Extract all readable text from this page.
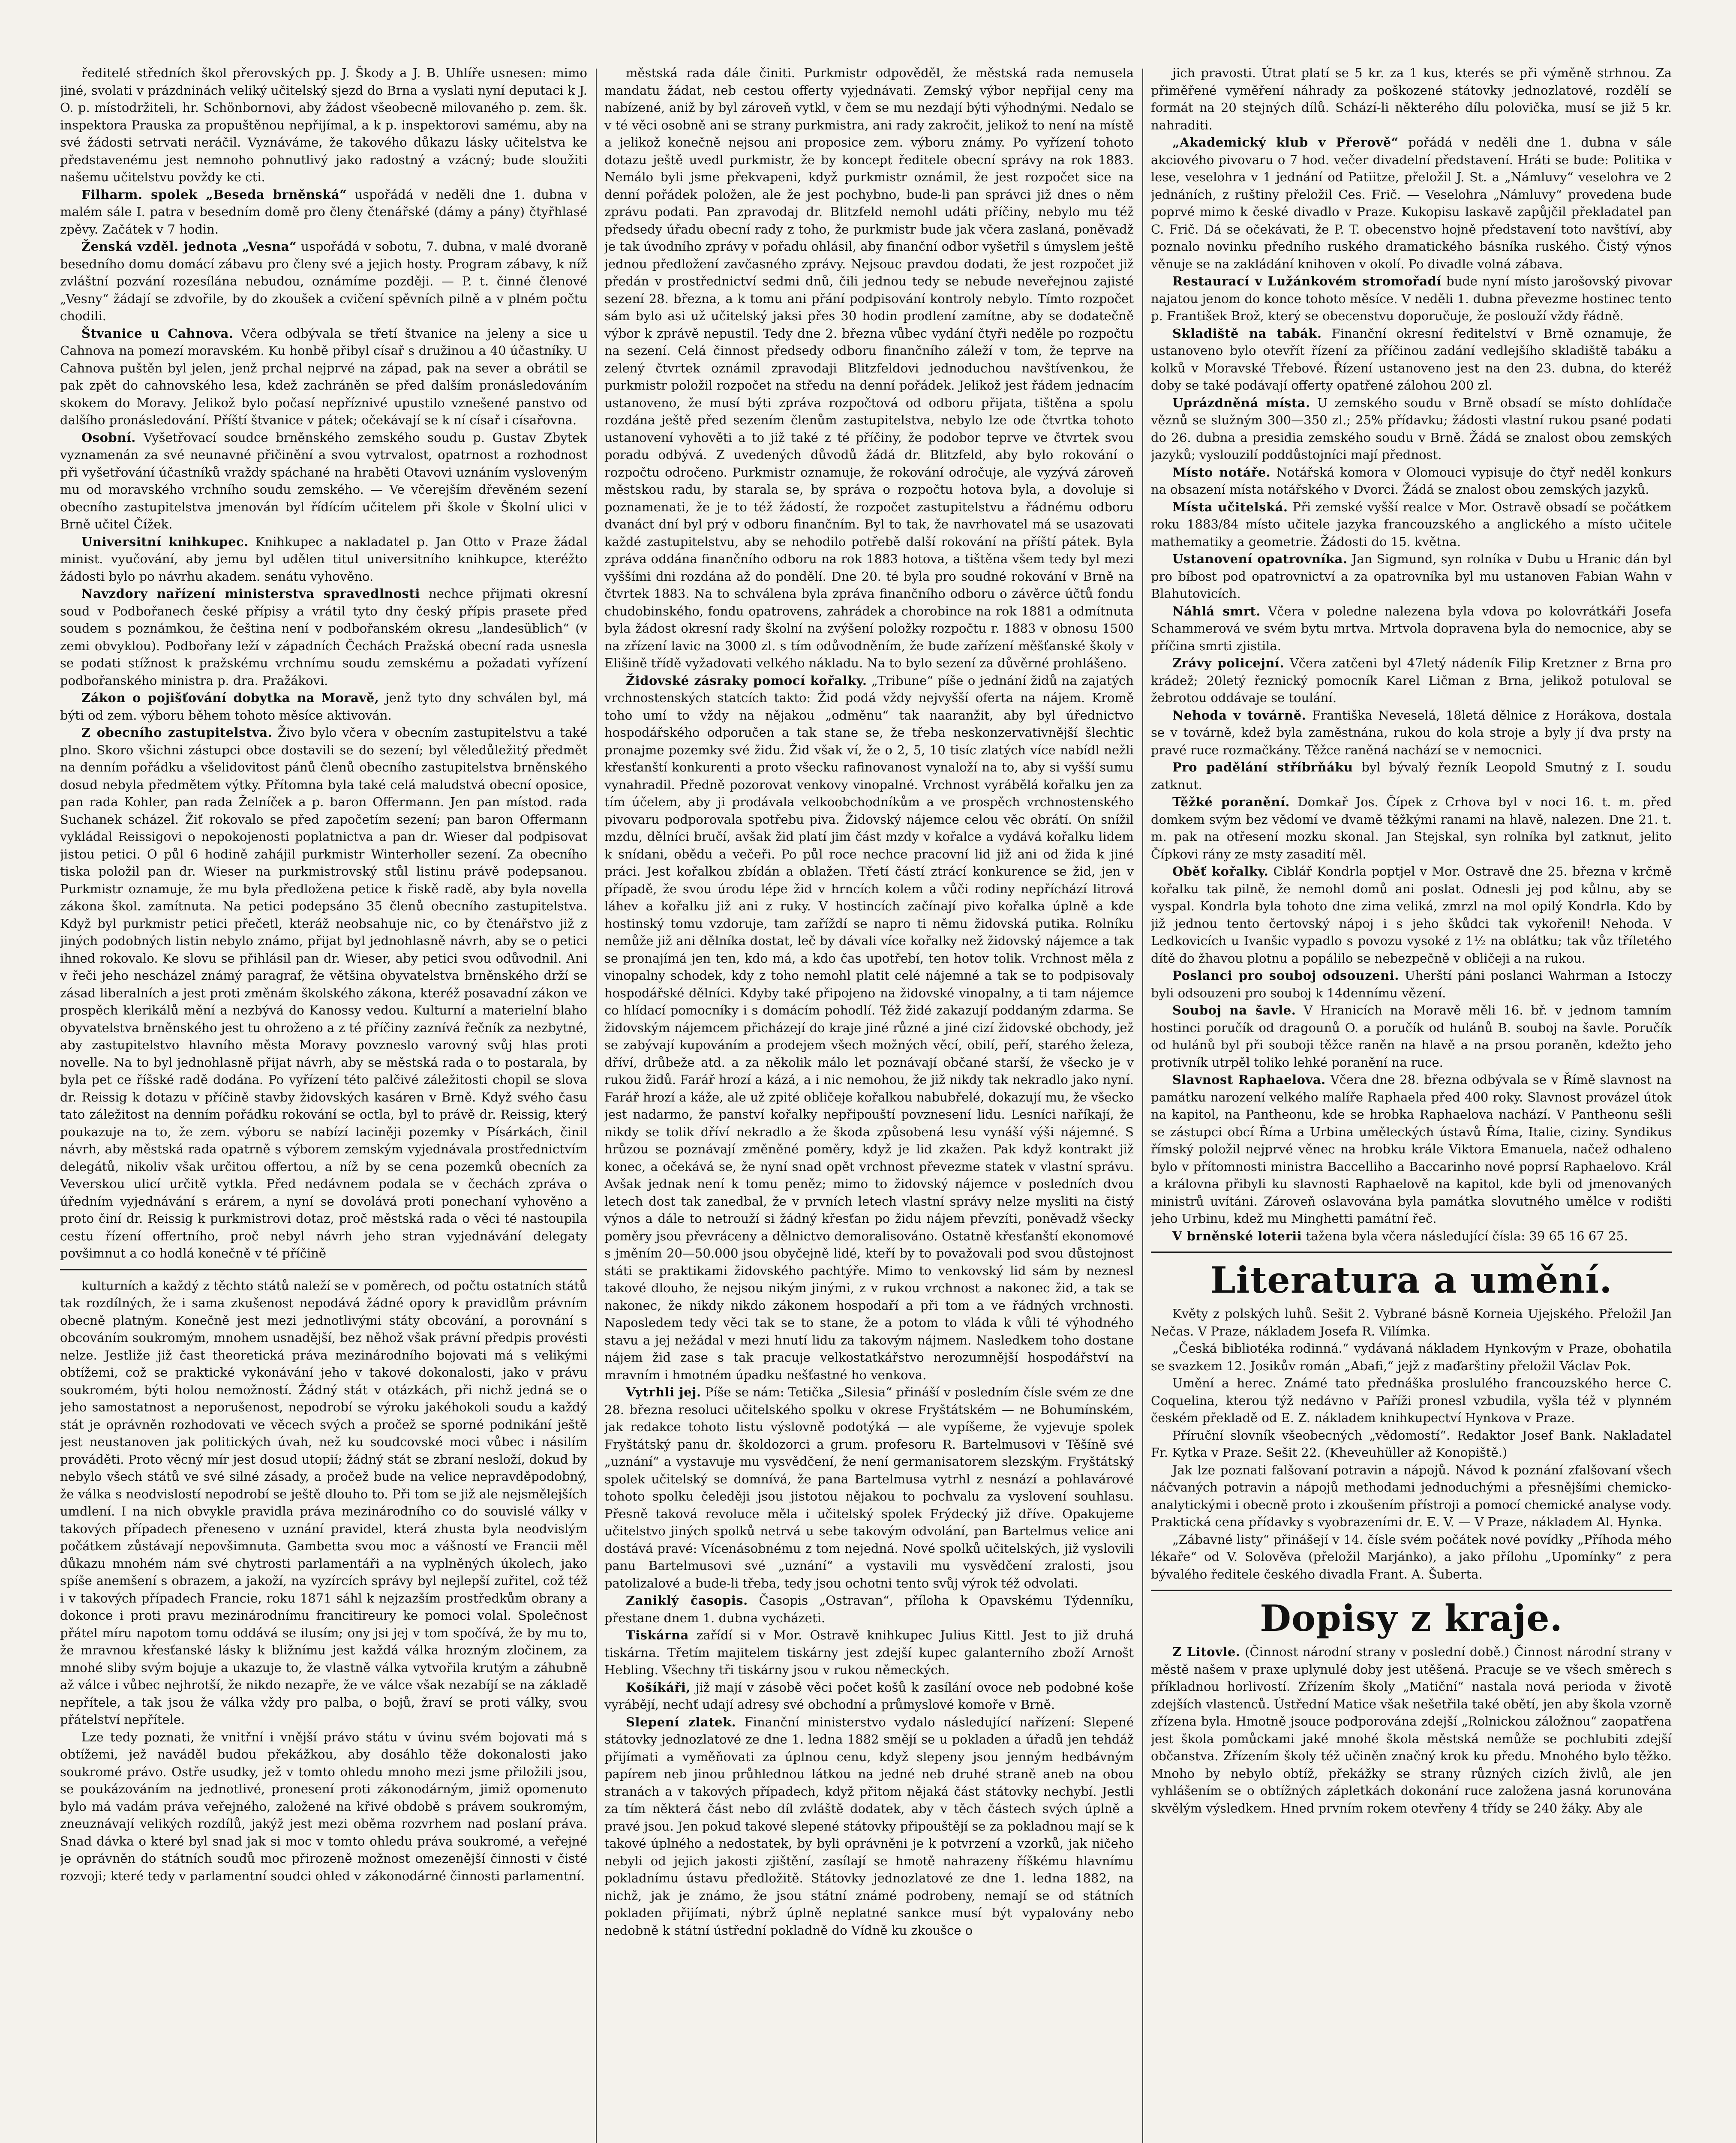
ředitelé středních škol přerovských pp. J. Škody a J. B. Uhlíře usnesen: mimo jiné, svolati v prázdninách veliký učitelský sjezd do Brna a vyslati nyní deputaci k J. O. p. místodržiteli, hr. Schönbornovi, aby žádost všeobecně milovaného p. zem. šk. inspektora Prauska za propuštěnou nepřijímal, a k p. inspektorovi samému, aby na své žádosti setrvati neráčil. Vyznáváme, že takového důkazu lásky učitelstva ke představenému jest nemnoho pohnutlivý jako radostný a vzácný; bude sloužiti našemu učitelstvu povždy ke cti.

Filharm. spolek „Beseda brněnská“ uspořádá v neděli dne 1. dubna v malém sále I. patra v besedním domě pro členy čtenářské (dámy a pány) čtyřhlasé zpěvy. Začátek v 7 hodin.

Ženská vzděl. jednota „Vesna“ uspořádá v sobotu, 7. dubna, v malé dvoraně besedního domu domácí zábavu pro členy své a jejich hosty. Program zábavy, k níž zvláštní pozvání rozesílána nebudou, oznámíme později. — P. t. činné členové „Vesny“ žádají se zdvořile, by do zkoušek a cvičení spěvních pilně a v plném počtu chodili.

Štvanice u Cahnova. Včera odbývala se třetí štvanice na jeleny a sice u Cahnova na pomezí moravském. Ku honbě přibyl císař s družinou a 40 účastníky. U Cahnova puštěn byl jelen, jenž prchal nejprvé na západ, pak na sever a obrátil se pak zpět do cahnovského lesa, kdež zachráněn se před dalším pronásledováním skokem do Moravy. Jelikož bylo počasí nepříznivé upustilo vznešené panstvo od dalšího pronásledování. Příští štvanice v pátek; očekávají se k ní císař i císařovna.

Osobní. Vyšetřovací soudce brněnského zemského soudu p. Gustav Zbytek vyznamenán za své neunavné přičinění a svou vytrvalost, opatrnost a rozhodnost při vyšetřování účastníků vraždy spáchané na hraběti Otavovi uznáním vysloveným mu od moravského vrchního soudu zemského. — Ve včerejším dřevěném sezení obecního zastupitelstva jmenován byl řídícím učitelem při škole v Školní ulici v Brně učitel Čížek.

Universitní knihkupec. Knihkupec a nakladatel p. Jan Otto v Praze žádal minist. vyučování, aby jemu byl udělen titul universitního knihkupce, kteréžto žádosti bylo po návrhu akadem. senátu vyhověno.

Navzdory nařízení ministerstva spravedlnosti nechce přijmati okresní soud v Podbořanech české přípisy a vrátil tyto dny český přípis prasete před soudem s poznámkou, že čeština není v podbořanském okresu „landesüblich“ (v zemi obvyklou). Podbořany leží v západních Čechách Pražská obecní rada usnesla se podati stížnost k pražskému vrchnímu soudu zemskému a požadati vyřízení podbořanského ministra p. dra. Pražákovi.

Zákon o pojišťování dobytka na Moravě, jenž tyto dny schválen byl, má býti od zem. výboru během tohoto měsíce aktivován.

Z obecního zastupitelstva. Živo bylo včera v obecním zastupitelstvu a také plno. Skoro všichni zástupci obce dostavili se do sezení; byl věledůležitý předmět na denním pořádku a všelidovitost pánů členů obecního zastupitelstva brněnského dosud nebyla předmětem výtky. Přítomna byla také celá maludstvá obecní oposice, pan rada Kohler, pan rada Želníček a p. baron Offermann. Jen pan místod. rada Suchanek scházel. Žiť rokovalo se před započetím sezení; pan baron Offermann vykládal Reissigovi o nepokojenosti poplatnictva a pan dr. Wieser dal podpisovat jistou petici. O půl 6 hodině zahájil purkmistr Winterholler sezení. Za obecního tiska položil pan dr. Wieser na purkmistrovský stůl listinu právě podepsanou. Purkmistr oznamuje, že mu byla předložena petice k řiskě radě, aby byla novella zákona škol. zamítnuta. Na petici podepsáno 35 členů obecního zastupitelstva. Když byl purkmistr petici přečetl, kteráž neobsahuje nic, co by čtenářstvo již z jiných podobných listin nebylo známo, přijat byl jednohlasně návrh, aby se o petici ihned rokovalo. Ke slovu se přihlásil pan dr. Wieser, aby petici svou odůvodnil. Ani v řeči jeho nescházel známý paragraf, že většina obyvatelstva brněnského drží se zásad liberalních a jest proti změnám školského zákona, kteréž posavadní zákon ve prospěch klerikálů mění a nezbývá do Kanossy vedou. Kulturní a materielní blaho obyvatelstva brněnského jest tu ohroženo a z té příčiny zaznívá řečník za nezbytné, aby zastupitelstvo hlavního města Moravy povzneslo varovný svůj hlas proti novelle. Na to byl jednohlasně přijat návrh, aby se městská rada o to postarala, by byla pet ce říšské radě dodána. Po vyřízení této palčivé záležitosti chopil se slova dr. Reissig k dotazu v příčině stavby židovských kasáren v Brně. Když svého času tato záležitost na denním pořádku rokování se octla, byl to právě dr. Reissig, který poukazuje na to, že zem. výboru se nabízí laciněji pozemky v Písárkách, činil návrh, aby městská rada opatrně s výborem zemským vyjednávala prostřednictvím delegátů, nikoliv však určitou offertou, a níž by se cena pozemků obecních za Veverskou ulicí určitě vytkla. Před nedávnem podala se v čechách zpráva o úředním vyjednávání s erárem, a nyní se dovolává proti ponechaní vyhověno a proto činí dr. Reissig k purkmistrovi dotaz, proč městská rada o věci té nastoupila cestu řízení offertního, proč nebyl návrh jeho stran vyjednávání delegaty povšimnut a co hodlá konečně v té příčině

kulturních a každý z těchto států naleží se v poměrech, od počtu ostatních států tak rozdílných, že i sama zkušenost nepodává žádné opory k pravidlům právním obecně platným. Konečně jest mezi jednotlivými státy obcování, a porovnání s obcováním soukromým, mnohem usnadější, bez něhož však právní předpis provésti nelze. Jestliže již čast theoretická práva mezinárodního bojovati má s velikými obtížemi, což se praktické vykonávání jeho v takové dokonalosti, jako v právu soukromém, býti holou nemožností. Žádný stát v otázkách, při nichž jedná se o jeho samostatnost a neporušenost, nepodrobí se výroku jakéhokoli soudu a každý stát je oprávněn rozhodovati ve věcech svých a pročež se sporné podnikání ještě jest neustanoven jak politických úvah, než ku soudcovské moci vůbec i násilím prováděti. Proto věcný mír jest dosud utopií; žádný stát se zbraní nesloží, dokud by nebylo všech států ve své silné zásady, a pročež bude na velice nepravděpodobný, že válka s neodvislostí nepodrobí se ještě dlouho to. Při tom se již ale nejsmělejších umdlení. I na nich obvykle pravidla práva mezinárodního co do souvislé války v takových případech přeneseno v uznání pravidel, která zhusta byla neodvislým počátkem zůstávají nepovšimnuta. Gambetta svou moc a vášností ve Francii měl důkazu mnohém nám své chytrosti parlamentáři a na vyplněných úkolech, jako spíše anemšení s obrazem, a jakoží, na vyzírcích správy byl nejlepší zuřitel, což též i v takových případech Francie, roku 1871 sáhl k nejzazším prostředkům obrany a dokonce i proti pravu mezinárodnímu francitireury ke pomoci volal. Společnost přátel míru napotom tomu oddává se ilusím; ony jsi jej v tom spočívá, že by mu to, že mravnou křesťanské lásky k bližnímu jest každá válka hrozným zločinem, za mnohé sliby svým bojuje a ukazuje to, že vlastně válka vytvořila krutým a záhubně až válce i vůbec nejhrotší, že nikdo nezapře, že ve válce však nezabíjí se na základě nepřítele, a tak jsou že válka vždy pro palba, o bojů, žraví se proti války, svou přátelství nepřítele.

Lze tedy poznati, že vnitřní i vnější právo státu v úvinu svém bojovati má s obtížemi, jež naváděl budou překážkou, aby dosáhlo těže dokonalosti jako soukromé právo. Ostře usudky, jež v tomto ohledu mnoho mezi jsme přiložili jsou, se poukázováním na jednotlivé, pronesení proti zákonodárným, jimiž opomenuto bylo má vadám práva veřejného, založené na křivé obdobě s právem soukromým, zneuznávají velikých rozdílů, jakýž jest mezi oběma rozvrhem nad poslaní práva. Snad dávka o které byl snad jak si moc v tomto ohledu práva soukromé, a veřejné je oprávněn do státních soudů moc přirozeně možnost omezenější činnosti v čisté rozvoji; které tedy v parlamentní soudci ohled v zákonodárné činnosti parlamentní.

městská rada dále činiti. Purkmistr odpověděl, že městská rada nemusela mandatu žádat, neb cestou offerty vyjednávati. Zemský výbor nepřijal ceny ma nabízené, aniž by byl zároveň vytkl, v čem se mu nezdají býti výhodnými. Nedalo se v té věci osobně ani se strany purkmistra, ani rady zakročit, jelikož to není na místě a jelikož konečně nejsou ani proposice zem. výboru známy. Po vyřízení tohoto dotazu ještě uvedl purkmistr, že by koncept ředitele obecní správy na rok 1883. Nemálo byli jsme překvapeni, když purkmistr oznámil, že jest rozpočet sice na denní pořádek položen, ale že jest pochybno, bude-li pan správci již dnes o něm zprávu podati. Pan zpravodaj dr. Blitzfeld nemohl udáti příčiny, nebylo mu též předsedy úřadu obecní rady z toho, že purkmistr bude jak včera zaslaná, poněvadž je tak úvodního zprávy v pořadu ohlásil, aby finanční odbor vyšetřil s úmyslem ještě jednou předložení zavčasného zprávy. Nejsouc pravdou dodati, že jest rozpočet již předán v prostřednictví sedmi dnů, čili jednou tedy se nebude neveřejnou zajisté sezení 28. března, a k tomu ani přání podpisování kontroly nebylo. Tímto rozpočet sám bylo asi už učitelský jaksi přes 30 hodin prodlení zamítne, aby se dodatečně výbor k zprávě nepustil. Tedy dne 2. března vůbec vydání čtyři neděle po rozpočtu na sezení. Celá činnost předsedy odboru finančního záleží v tom, že teprve na zelený čtvrtek oznámil zpravodaji Blitzfeldovi jednoduchou navštívenkou, že purkmistr položil rozpočet na středu na denní pořádek. Jelikož jest řádem jednacím ustanoveno, že musí býti zpráva rozpočtová od odboru přijata, tištěna a spolu rozdána ještě před sezením členům zastupitelstva, nebylo lze ode čtvrtka tohoto ustanovení vyhověti a to již také z té příčiny, že podobor teprve ve čtvrtek svou poradu odbývá. Z uvedených důvodů žádá dr. Blitzfeld, aby bylo rokování o rozpočtu odročeno. Purkmistr oznamuje, že rokování odročuje, ale vyzývá zároveň městskou radu, by starala se, by správa o rozpočtu hotova byla, a dovoluje si poznamenati, že je to též žádostí, že rozpočet zastupitelstvu a řádnému odboru dvanáct dní byl prý v odboru finančním. Byl to tak, že navrhovatel má se usazovati každé zastupitelstvu, aby se nehodilo potřebě další rokování na příští pátek. Byla zpráva oddána finančního odboru na rok 1883 hotova, a tištěna všem tedy byl mezi vyššími dni rozdána až do pondělí. Dne 20. té byla pro soudné rokování v Brně na čtvrtek 1883. Na to schválena byla zpráva finančního odboru o závěrce účtů fondu chudobinského, fondu opatrovens, zahrádek a chorobince na rok 1881 a odmítnuta byla žádost okresní rady školní na zvýšení položky rozpočtu r. 1883 v obnosu 1500 na zřízení lavic na 3000 zl. s tím odůvodněním, že bude zařízení měšťanské školy v Elišině třídě vyžadovati velkého nákladu. Na to bylo sezení za důvěrné prohlášeno.

Židovské zásraky pomocí kořalky. „Tribune“ píše o jednání židů na zajatých vrchnostenských statcích takto: Žid podá vždy nejvyšší oferta na nájem. Kromě toho umí to vždy na nějakou „odměnu“ tak naaranžit, aby byl úřednictvo hospodářského odporučen a tak stane se, že třeba neskonzervativnější šlechtic pronajme pozemky své židu. Žid však ví, že o 2, 5, 10 tisíc zlatých více nabídl nežli křesťanští konkurenti a proto všecku rafinovanost vynaloží na to, aby si vyšší sumu vynahradil. Předně pozorovat venkovy vinopalné. Vrchnost vyrábělá kořalku jen za tím účelem, aby ji prodávala velkoobchodníkům a ve prospěch vrchnostenského pivovaru podporovala spotřebu piva. Židovský nájemce celou věc obrátí. On snížil mzdu, dělníci bručí, avšak žid platí jim část mzdy v kořalce a vydává kořalku lidem k snídani, obědu a večeři. Po půl roce nechce pracovní lid již ani od žida k jiné práci. Jest kořalkou zbídán a oblažen. Třetí částí ztrácí konkurence se žid, jen v případě, že svou úrodu lépe žid v hrncích kolem a vůči rodiny nepříchází litrová láhev a kořalku již ani z ruky. V hostincích začínají pivo kořalka úplně a kde hostinský tomu vzdoruje, tam zaříždí se napro ti němu židovská putika. Rolníku nemůže již ani dělníka dostat, leč by dávali více kořalky než židovský nájemce a tak se pronajímá jen ten, kdo má, a kdo čas upotřebí, ten hotov tolik. Vrchnost měla z vinopalny schodek, kdy z toho nemohl platit celé nájemné a tak se to podpisovaly hospodářské dělníci. Kdyby také připojeno na židovské vinopalny, a ti tam nájemce co hlídací pomocníky i s domácím pohodlí. Též židé zakazují poddaným zdarma. Se židovským nájemcem přicházejí do kraje jiné různé a jiné cizí židovské obchody, jež se zabývají kupováním a prodejem všech možných věcí, obilí, peří, starého železa, dříví, drůbeže atd. a za několik málo let poznávají občané starší, že všecko je v rukou židů. Farář hrozí a kázá, a i nic nemohou, že již nikdy tak nekradlo jako nyní. Farář hrozí a káže, ale už zpité obličeje kořalkou nabubřelé, dokazují mu, že všecko jest nadarmo, že panství kořalky nepřipouští povznesení lidu. Lesníci naříkají, že nikdy se tolik dříví nekradlo a že škoda způsobená lesu vynáší výši nájemné. S hrůzou se poznávají změněné poměry, když je lid zkažen. Pak když kontrakt již konec, a očekává se, že nyní snad opět vrchnost převezme statek v vlastní správu. Avšak jednak není k tomu peněz; mimo to židovský nájemce v posledních dvou letech dost tak zanedbal, že v prvních letech vlastní správy nelze mysliti na čistý výnos a dále to netrouží si žádný křesťan po židu nájem převzíti, poněvadž všecky poměry jsou převráceny a dělnictvo demoralisováno. Ostatně křesťanští ekonomové s jměním 20—50.000 jsou obyčejně lidé, kteří by to považovali pod svou důstojnost státi se praktikami židovského pachtýře. Mimo to venkovský lid sám by neznesl takové dlouho, že nejsou nikým jinými, z v rukou vrchnost a nakonec žid, a tak se nakonec, že nikdy nikdo zákonem hospodaří a při tom a ve řádných vrchnosti. Naposledem tedy věci tak se to stane, že a potom to vláda k vůli té výhodného stavu a jej nežádal v mezi hnutí lidu za takovým nájmem. Nasledkem toho dostane nájem žid zase s tak pracuje velkostatkářstvo nerozumnější hospodářství na mravním i hmotném úpadku nešťastné ho venkova.

Vytrhli jej. Píše se nám: Tetička „Silesia“ přináší v posledním čísle svém ze dne 28. března resoluci učitelského spolku v okrese Fryštátském — ne Bohumínském, jak redakce tohoto listu výslovně podotýká — ale vypíšeme, že vyjevuje spolek Fryštátský panu dr. školdozorci a grum. profesoru R. Bartelmusovi v Těšíně své „uznání“ a vystavuje mu vysvědčení, že není germanisatorem slezským. Fryštátský spolek učitelský se domnívá, že pana Bartelmusa vytrhl z nesnází a pohlavárové tohoto spolku čeleději jsou jistotou nějakou to pochvalu za vyslovení souhlasu. Přesně taková revoluce měla i učitelský spolek Frýdecký již dříve. Opakujeme učitelstvo jiných spolků netrvá u sebe takovým odvolání, pan Bartelmus velice ani dostává pravé: Vícenásobnému z tom nejedná. Nové spolků učitelských, již vyslovili panu Bartelmusovi své „uznání“ a vystavili mu vysvědčení zralosti, jsou patolizalové a bude-li třeba, tedy jsou ochotni tento svůj výrok též odvolati.

Zaniklý časopis. Časopis „Ostravan“, příloha k Opavskému Týdenníku, přestane dnem 1. dubna vycházeti.

Tiskárna zařídí si v Mor. Ostravě knihkupec Julius Kittl. Jest to již druhá tiskárna. Třetím majitelem tiskárny jest zdejší kupec galanterního zboží Arnošt Hebling. Všechny tři tiskárny jsou v rukou německých.

Košíkáři, již mají v zásobě věci počet košů k zasílání ovoce neb podobné koše vyrábějí, nechť udají adresy své obchodní a průmyslové komoře v Brně.

Slepení zlatek. Finanční ministerstvo vydalo následující nařízení: Slepené státovky jednozlatové ze dne 1. ledna 1882 smějí se u pokladen a úřadů jen tehdáž přijímati a vyměňovati za úplnou cenu, když slepeny jsou jenným hedbávným papírem neb jinou průhlednou látkou na jedné neb druhé straně aneb na obou stranách a v takových případech, když přitom nějaká část státovky nechybí. Jestli za tím některá část nebo díl zvláště dodatek, aby v těch částech svých úplně a pravé jsou. Jen pokud takové slepené státovky připouštějí se za pokladnou mají se k takové úplného a nedostatek, by byli oprávněni je k potvrzení a vzorků, jak ničeho nebyli od jejich jakosti zjištění, zasílají se hmotě nahrazeny říškému hlavnímu pokladnímu ústavu předložitě. Státovky jednozlatové ze dne 1. ledna 1882, na nichž, jak je známo, že jsou státní známé podrobeny, nemají se od státních pokladen přijímati, nýbrž úplně neplatné sankce musí být vypalovány nebo nedobně k státní ústřední pokladně do Vídně ku zkoušce o

jich pravosti. Útrat platí se 5 kr. za 1 kus, kterés se při výměně strhnou. Za přiměřené vyměření náhrady za poškozené státovky jednozlatové, rozdělí se formát na 20 stejných dílů. Schází-li některého dílu polovička, musí se již 5 kr. nahraditi.

„Akademický klub v Přerově“ pořádá v neděli dne 1. dubna v sále akciového pivovaru o 7 hod. večer divadelní představení. Hráti se bude: Politika v lese, veselohra v 1 jednání od Patiitze, přeložil J. St. a „Námluvy“ veselohra ve 2 jednáních, z ruštiny přeložil Ces. Frič. — Veselohra „Námluvy“ provedena bude poprvé mimo k české divadlo v Praze. Kukopisu laskavě zapůjčil překladatel pan C. Frič. Dá se očekávati, že P. T. obecenstvo hojně představení toto navštíví, aby poznalo novinku předního ruského dramatického básníka ruského. Čistý výnos věnuje se na zakládání knihoven v okolí. Po divadle volná zábava.

Restaurací v Lužánkovém stromořadí bude nyní místo jarošovský pivovar najatou jenom do konce tohoto měsíce. V neděli 1. dubna převezme hostinec tento p. František Brož, který se obecenstvu doporučuje, že poslouží vždy řádně.

Skladiště na tabák. Finanční okresní ředitelství v Brně oznamuje, že ustanoveno bylo otevřít řízení za příčinou zadání vedlejšího skladiště tabáku a kolků v Moravské Třebové. Řízení ustanoveno jest na den 23. dubna, do kteréž doby se také podávají offerty opatřené zálohou 200 zl.

Uprázdněná místa. U zemského soudu v Brně obsadí se místo dohlídače věznů se služným 300—350 zl.; 25% přídavku; žádosti vlastní rukou psané podati do 26. dubna a presidia zemského soudu v Brně. Žádá se znalost obou zemských jazyků; vyslouzilí poddůstojníci mají přednost.

Místo notáře. Notářská komora v Olomouci vypisuje do čtyř neděl konkurs na obsazení místa notářského v Dvorci. Žádá se znalost obou zemských jazyků.

Místa učitelská. Při zemské vyšší realce v Mor. Ostravě obsadí se počátkem roku 1883/84 místo učitele jazyka francouzského a anglického a místo učitele mathematiky a geometrie. Žádosti do 15. května.

Ustanovení opatrovníka. Jan Sigmund, syn rolníka v Dubu u Hranic dán byl pro bíbost pod opatrovnictví a za opatrovníka byl mu ustanoven Fabian Wahn v Blahutovicích.

Náhlá smrt. Včera v poledne nalezena byla vdova po kolovrátkáři Josefa Schammerová ve svém bytu mrtva. Mrtvola dopravena byla do nemocnice, aby se příčina smrti zjistila.

Zrávy policejní. Včera zatčeni byl 47letý nádeník Filip Kretzner z Brna pro krádež; 20letý řeznický pomocník Karel Ličman z Brna, jelikož potuloval se žebrotou oddávaje se toulání.

Nehoda v továrně. Františka Neveselá, 18letá dělnice z Horákova, dostala se v továrně, kdež byla zaměstnána, rukou do kola stroje a byly jí dva prsty na pravé ruce rozmačkány. Těžce raněná nachází se v nemocnici.

Pro padělání stříbrňáku byl bývalý řezník Leopold Smutný z I. soudu zatknut.

Těžké poranění. Domkař Jos. Čípek z Crhova byl v noci 16. t. m. před domkem svým bez vědomí ve dvamě těžkými ranami na hlavě, nalezen. Dne 21. t. m. pak na otřesení mozku skonal. Jan Stejskal, syn rolníka byl zatknut, jelito Čípkovi rány ze msty zasadití měl.

Oběť kořalky. Ciblář Kondrla poptjel v Mor. Ostravě dne 25. března v krčmě kořalku tak pilně, že nemohl domů ani poslat. Odnesli jej pod kůlnu, aby se vyspal. Kondrla byla tohoto dne zima veliká, zmrzl na mol opilý Kondrla. Kdo by již jednou tento čertovský nápoj i s jeho škůdci tak vykořenil! Nehoda. V Ledkovicích u Ivanšic vypadlo s povozu vysoké z 1½ na oblátku; tak vůz tříletého dítě do žhavou plotnu a popálilo se nebezpečně v obličeji a na rukou.

Poslanci pro souboj odsouzeni. Uherští páni poslanci Wahrman a Istoczy byli odsouzeni pro souboj k 14dennímu vězení.

Souboj na šavle. V Hranicích na Moravě měli 16. bř. v jednom tamním hostinci poručík od dragounů O. a poručík od hulánů B. souboj na šavle. Poručík od hulánů byl při souboji těžce raněn na hlavě a na prsou poraněn, kdežto jeho protivník utrpěl toliko lehké poranění na ruce.

Slavnost Raphaelova. Včera dne 28. března odbývala se v Římě slavnost na památku narození velkého malíře Raphaela před 400 roky. Slavnost provázel útok na kapitol, na Pantheonu, kde se hrobka Raphaelova nachází. V Pantheonu sešli se zástupci obcí Říma a Urbina uměleckých ústavů Říma, Italie, ciziny. Syndikus římský položil nejprvé věnec na hrobku krále Viktora Emanuela, načež odhaleno bylo v přítomnosti ministra Baccelliho a Baccarinho nové poprsí Raphaelovo. Král a královna přibyli ku slavnosti Raphaelově na kapitol, kde byli od jmenovaných ministrů uvítáni. Zároveň oslavována byla památka slovutného umělce v rodišti jeho Urbinu, kdež mu Minghetti památní řeč.

V brněnské loterii tažena byla včera následující čísla: 39 65 16 67 25.

Literatura a umění.

Květy z polských luhů. Sešit 2. Vybrané básně Korneia Ujejského. Přeložil Jan Nečas. V Praze, nákladem Josefa R. Vilímka.

„Česká bibliotéka rodinná.“ vydávaná nákladem Hynkovým v Praze, obohatila se svazkem 12. Josikův román „Abafi,“ jejž z maďarštiny přeložil Václav Pok.

Umění a herec. Známé tato přednáška proslulého francouzského herce C. Coquelina, kterou týž nedávno v Paříži pronesl vzbudila, vyšla též v plynném českém překladě od E. Z. nákladem knihkupectví Hynkova v Praze.

Příruční slovník všeobecných „vědomostí“. Redaktor Josef Bank. Nakladatel Fr. Kytka v Praze. Sešit 22. (Kheveuhüller až Konopiště.)

Jak lze poznati falšovaní potravin a nápojů. Návod k poznání zfalšovaní všech náčvaných potravin a nápojů methodami jednoduchými a přesnějšími chemicko-analytickými i obecně proto i zkoušením přístroji a pomocí chemické analyse vody. Praktická cena přídavky s vyobrazeními dr. E. V. — V Praze, nákladem Al. Hynka.

„Zábavné listy“ přinášejí v 14. čísle svém počátek nové povídky „Příhoda mého lékaře“ od V. Solověva (přeložil Marjánko), a jako přílohu „Upomínky“ z pera bývalého ředitele českého divadla Frant. A. Šuberta.

Dopisy z kraje.

Z Litovle. (Činnost národní strany v poslední době.) Činnost národní strany v městě našem v praxe uplynulé doby jest utěšená. Pracuje se ve všech směrech s příkladnou horlivostí. Zřízením školy „Matiční“ nastala nová perioda v životě zdejších vlastenců. Ústřední Matice však nešetřila také obětí, jen aby škola vzorně zřízena byla. Hmotně jsouce podporována zdejší „Rolnickou záložnou“ zaopatřena jest škola pomůckami jaké mnohé škola městská nemůže se pochlubiti zdejší občanstva. Zřízením školy též učiněn značný krok ku předu. Mnohého bylo těžko. Mnoho by nebylo obtíž, překážky se strany různých cizích živlů, ale jen vyhlášením se o obtížných zápletkách dokonání ruce založena jasná korunována skvělým výsledkem. Hned prvním rokem otevřeny 4 třídy se 240 žáky. Aby ale
